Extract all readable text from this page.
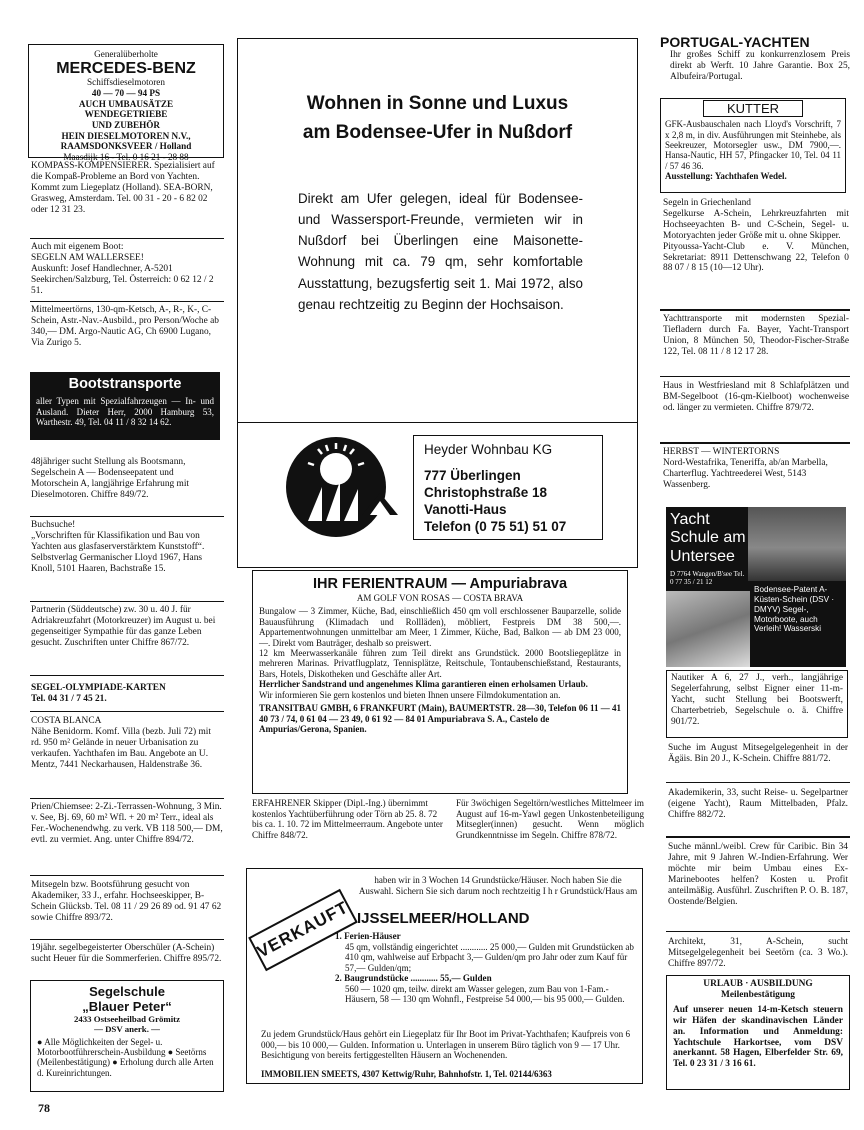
Generalüberholte
MERCEDES-BENZ
Schiffsdieselmotoren
40 — 70 — 94 PS
AUCH UMBAUSÄTZE
WENDEGETRIEBE
UND ZUBEHÖR
HEIN DIESELMOTOREN N.V.,
RAAMSDONKSVEER / Holland
Maasdijk 16 - Tel. 0 16 21 - 28 88
KOMPASS-KOMPENSIERER. Spezialisiert auf die Kompaß-Probleme an Bord von Yachten. Kommt zum Liegeplatz (Holland). SEA-BORN, Grasweg, Amsterdam. Tel. 00 31 - 20 - 6 82 02 oder 12 31 23.
Auch mit eigenem Boot:
SEGELN AM WALLERSEE!
Auskunft: Josef Handlechner, A-5201 Seekirchen/Salzburg, Tel. Österreich: 0 62 12 / 2 51.
Mittelmeertörns, 130-qm-Ketsch, A-, R-, K-, C-Schein, Astr.-Nav.-Ausbild., pro Person/Woche ab 340,— DM. Argo-Nautic AG, Ch 6900 Lugano, Via Zurigo 5.
Bootstransporte
aller Typen mit Spezialfahrzeugen — In- und Ausland. Dieter Herr, 2000 Hamburg 53, Warthestr. 49, Tel. 04 11 / 8 32 14 62.
48jähriger sucht Stellung als Bootsmann, Segelschein A — Bodenseepatent und Motorschein A, langjährige Erfahrung mit Dieselmotoren. Chiffre 849/72.
Buchsuche!
„Vorschriften für Klassifikation und Bau von Yachten aus glasfaserverstärktem Kunststoff“. Selbstverlag Germanischer Lloyd 1967, Hans Knoll, 5101 Haaren, Bachstraße 15.
Partnerin (Süddeutsche) zw. 30 u. 40 J. für Adriakreuzfahrt (Motorkreuzer) im August u. bei gegenseitiger Sympathie für das ganze Leben gesucht. Zuschriften unter Chiffre 867/72.
SEGEL-OLYMPIADE-KARTEN
Tel. 04 31 / 7 45 21.
COSTA BLANCA
Nähe Benidorm. Komf. Villa (bezb. Juli 72) mit rd. 950 m² Gelände in neuer Urbanisation zu verkaufen. Yachthafen im Bau. Angebote an U. Mentz, 7441 Neckarhausen, Haldenstraße 36.
Prien/Chiemsee: 2-Zi.-Terrassen-Wohnung, 3 Min. v. See, Bj. 69, 60 m² Wfl. + 20 m² Terr., ideal als Fer.-Wochenendwhg. zu verk. VB 118 500,— DM, evtl. zu vermiet. Ang. unter Chiffre 894/72.
Mitsegeln bzw. Bootsführung gesucht von Akademiker, 33 J., erfahr. Hochseeskipper, B-Schein Glücksb. Tel. 08 11 / 29 26 89 od. 91 47 62 sowie Chiffre 893/72.
19jähr. segelbegeisterter Oberschüler (A-Schein) sucht Heuer für die Sommerferien. Chiffre 895/72.
Segelschule
„Blauer Peter“
2433 Ostseeheilbad Grömitz
— DSV anerk. —
● Alle Möglichkeiten der Segel- u. Motorbootführerschein-Ausbildung ● Seetörns (Meilenbestätigung) ● Erholung durch alle Arten d. Kureinrichtungen.
78
Wohnen in Sonne und Luxus
am Bodensee-Ufer in Nußdorf
Direkt am Ufer gelegen, ideal für Bodensee- und Wassersport-Freunde, vermieten wir in Nußdorf bei Überlingen eine Maisonette-Wohnung mit ca. 79 qm, sehr komfortable Ausstattung, bezugsfertig seit 1. Mai 1972, also genau rechtzeitig zu Beginn der Hochsaison.
Heyder Wohnbau KG
777 Überlingen
Christophstraße 18
Vanotti-Haus
Telefon (0 75 51) 51 07
IHR FERIENTRAUM — Ampuriabrava
AM GOLF VON ROSAS — COSTA BRAVA
Bungalow — 3 Zimmer, Küche, Bad, einschließlich 450 qm voll erschlossener Bauparzelle, solide Bauausführung (Klimadach und Rollläden), möbliert, Festpreis DM 38 500,—. Appartementwohnungen unmittelbar am Meer, 1 Zimmer, Küche, Bad, Balkon — ab DM 23 000,—. Direkt vom Bauträger, deshalb so preiswert.
12 km Meerwasserkanäle führen zum Teil direkt ans Grundstück. 2000 Bootsliegeplätze in mehreren Marinas. Privatflugplatz, Tennisplätze, Reitschule, Tontaubenschießstand, Restaurants, Bars, Hotels, Diskotheken und Geschäfte aller Art.
Herrlicher Sandstrand und angenehmes Klima garantieren einen erholsamen Urlaub.
Wir informieren Sie gern kostenlos und bieten Ihnen unsere Filmdokumentation an.
TRANSITBAU GMBH, 6 FRANKFURT (Main), BAUMERTSTR. 28—30, Telefon 06 11 — 41 40 73 / 74, 0 61 04 — 23 49, 0 61 92 — 84 01 Ampuriabrava S. A., Castelo de Ampurias/Gerona, Spanien.
ERFAHRENER Skipper (Dipl.-Ing.) übernimmt kostenlos Yachtüberführung oder Törn ab 25. 8. 72 bis ca. 1. 10. 72 im Mittelmeerraum. Angebote unter Chiffre 848/72.
Für 3wöchigen Segeltörn/westliches Mittelmeer im August auf 16-m-Yawl gegen Unkostenbeteiligung Mitsegler(innen) gesucht. Wenn möglich Grundkenntnisse im Segeln. Chiffre 878/72.
VERKAUFT
haben wir in 3 Wochen 14 Grundstücke/Häuser. Noch haben Sie die Auswahl. Sichern Sie sich darum noch rechtzeitig I h r Grundstück/Haus am
IJSSELMEER/HOLLAND
1. Ferien-Häuser
45 qm, vollständig eingerichtet ............ 25 000,— Gulden mit Grundstücken ab 410 qm, wahlweise auf Erbpacht 3,— Gulden/qm pro Jahr oder zum Kauf für 57,— Gulden/qm;
2. Baugrundstücke ............ 55,— Gulden
560 — 1020 qm, teilw. direkt am Wasser gelegen, zum Bau von 1-Fam.-Häusern, 58 — 130 qm Wohnfl., Festpreise 54 000,— bis 95 000,— Gulden.
Zu jedem Grundstück/Haus gehört ein Liegeplatz für Ihr Boot im Privat-Yachthafen; Kaufpreis von 6 000,— bis 10 000,— Gulden. Information u. Unterlagen in unserem Büro täglich von 9 — 17 Uhr. Besichtigung von bereits fertiggestellten Häusern an Wochenenden.
IMMOBILIEN SMEETS, 4307 Kettwig/Ruhr, Bahnhofstr. 1, Tel. 02144/6363
PORTUGAL-YACHTEN
Ihr großes Schiff zu konkurrenzlosem Preis direkt ab Werft. 10 Jahre Garantie. Box 25, Albufeira/Portugal.
KUTTER
GFK-Ausbauschalen nach Lloyd's Vorschrift, 7 x 2,8 m, in div. Ausführungen mit Steinhebe, als Seekreuzer, Motorsegler usw., DM 7900,—. Hansa-Nautic, HH 57, Pfingacker 10, Tel. 04 11 / 57 46 36.
Ausstellung: Yachthafen Wedel.
Segeln in Griechenland
Segelkurse A-Schein, Lehrkreuzfahrten mit Hochseeyachten B- und C-Schein, Segel- u. Motoryachten jeder Größe mit u. ohne Skipper.
Pityoussa-Yacht-Club e. V. München, Sekretariat: 8911 Dettenschwang 22, Telefon 0 88 07 / 8 15 (10—12 Uhr).
Yachttransporte mit modernsten Spezial-Tiefladern durch Fa. Bayer, Yacht-Transport Union, 8 München 50, Theodor-Fischer-Straße 122, Tel. 08 11 / 8 12 17 28.
Haus in Westfriesland mit 8 Schlafplätzen und BM-Segelboot (16-qm-Kielboot) wochenweise od. länger zu vermieten. Chiffre 879/72.
HERBST — WINTERTÖRNS
Nord-Westafrika, Teneriffa, ab/an Marbella, Charterflug. Yachtreederei West, 5143 Wassenberg.
Yacht
Schule am
Untersee
D 7764 Wangen/B'see Tel. 0 77 35 / 21 12
Bodensee-Patent A-Küsten-Schein (DSV · DMYV) Segel-, Motorboote, auch Verleih! Wasserski
Nautiker A 6, 27 J., verh., langjährige Segelerfahrung, selbst Eigner einer 11-m-Yacht, sucht Stellung bei Bootswerft, Charterbetrieb, Segelschule o. ä. Chiffre 901/72.
Suche im August Mitsegelgelegenheit in der Ägäis. Bin 20 J., K-Schein. Chiffre 881/72.
Akademikerin, 33, sucht Reise- u. Segelpartner (eigene Yacht), Raum Mittelbaden, Pfalz. Chiffre 882/72.
Suche männl./weibl. Crew für Caribic. Bin 34 Jahre, mit 9 Jahren W.-Indien-Erfahrung. Wer möchte mir beim Umbau eines Ex-Marinebootes helfen? Kosten u. Profit anteilmäßig. Ausführl. Zuschriften P. O. B. 187, Oostende/Belgien.
Architekt, 31, A-Schein, sucht Mitsegelgelegenheit bei Seetörn (ca. 3 Wo.). Chiffre 897/72.
URLAUB · AUSBILDUNG
Meilenbestätigung
Auf unserer neuen 14-m-Ketsch steuern wir Häfen der skandinavischen Länder an. Information und Anmeldung: Yachtschule Harkortsee, vom DSV anerkannt. 58 Hagen, Elberfelder Str. 69, Tel. 0 23 31 / 3 16 61.
